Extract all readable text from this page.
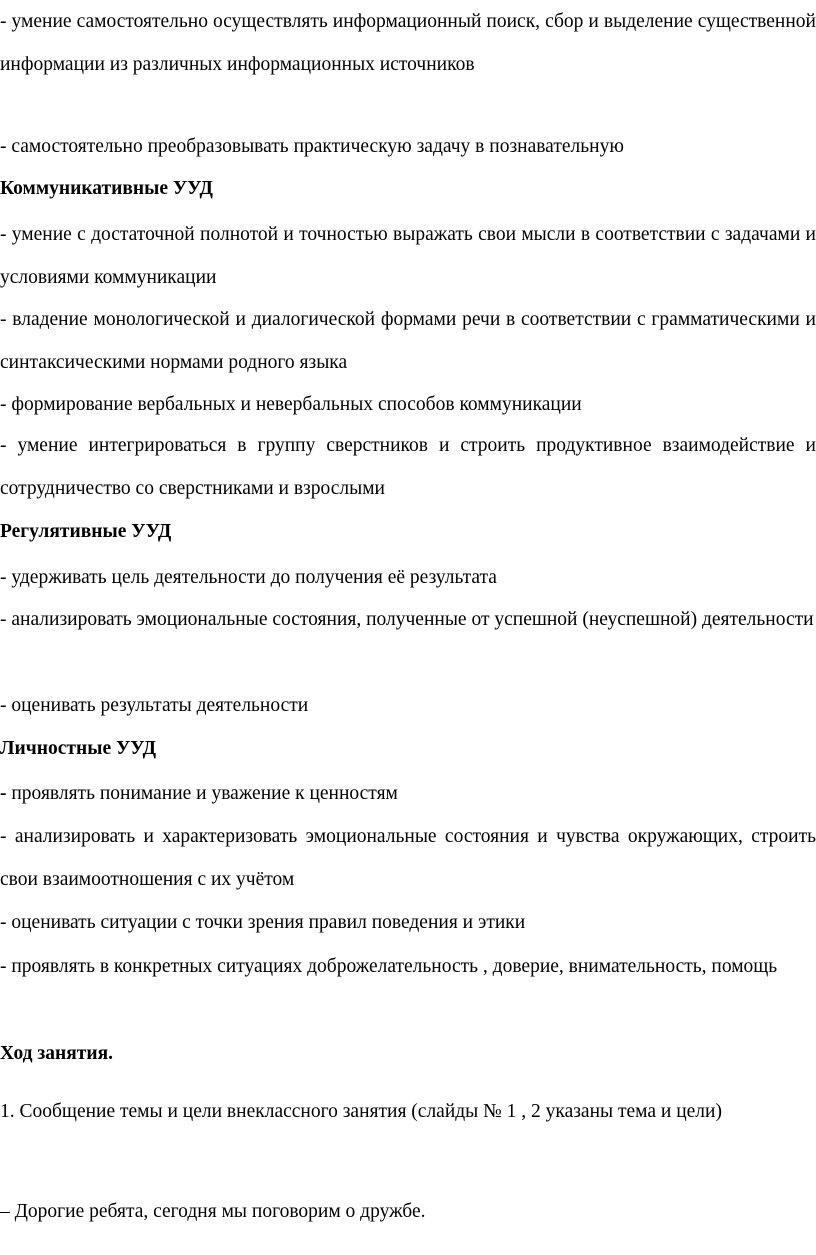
- умение самостоятельно осуществлять информационный поиск, сбор и выделение существенной информации из различных информационных источников

- самостоятельно преобразовывать практическую задачу в познавательную

Коммуникативные УУД

- умение с достаточной полнотой и точностью выражать свои мысли в соответствии с задачами и условиями коммуникации

- владение монологической и диалогической формами речи в соответствии с грамматическими и синтаксическими нормами родного языка

- формирование вербальных и невербальных способов коммуникации

- умение интегрироваться в группу сверстников и строить продуктивное взаимодействие и сотрудничество со сверстниками и взрослыми

Регулятивные УУД

- удерживать цель деятельности до получения её результата

- анализировать эмоциональные состояния, полученные от успешной (неуспешной) деятельности

- оценивать результаты деятельности

Личностные УУД

- проявлять понимание и уважение к ценностям

- анализировать и характеризовать эмоциональные состояния и чувства окружающих, строить свои взаимоотношения с их учётом

- оценивать ситуации с точки зрения правил поведения и этики

- проявлять в конкретных ситуациях доброжелательность , доверие, внимательность, помощь

Ход занятия.

1. Сообщение темы и цели внеклассного занятия (слайды № 1 , 2 указаны тема и цели)

– Дорогие ребята, сегодня мы поговорим о дружбе.
